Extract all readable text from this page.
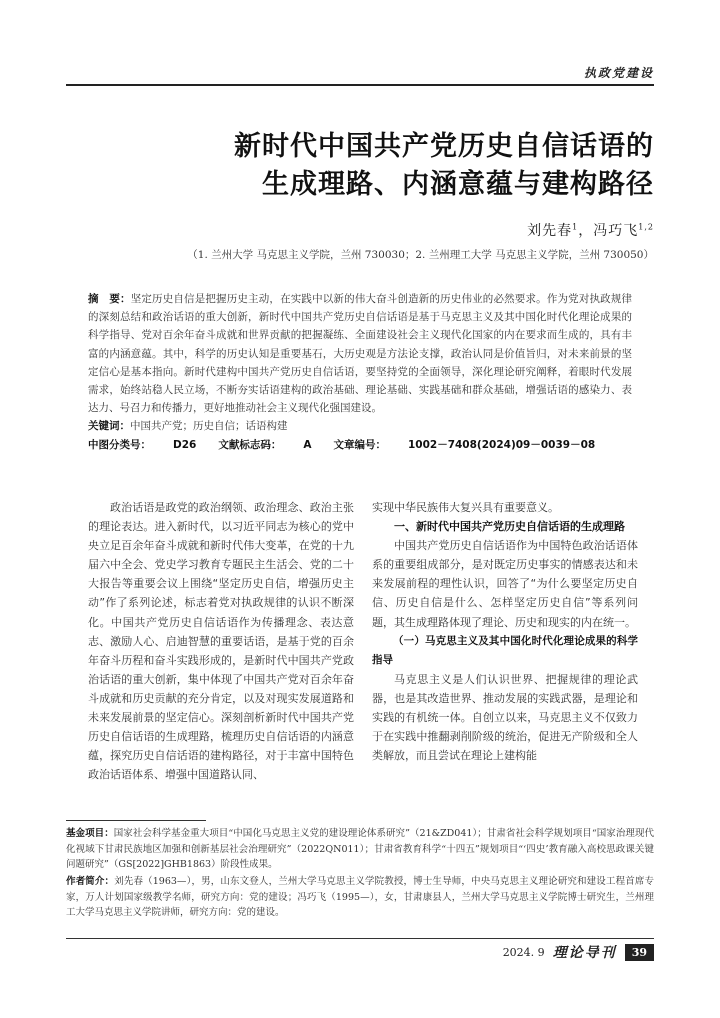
执政党建设
新时代中国共产党历史自信话语的
生成理路、内涵意蕴与建构路径
刘先春$^1$，冯巧飞$^{1,2}$
（1. 兰州大学 马克思主义学院，兰州 730030；2. 兰州理工大学 马克思主义学院，兰州 730050）
摘　要：坚定历史自信是把握历史主动，在实践中以新的伟大奋斗创造新的历史伟业的必然要求。作为党对执政规律的深刻总结和政治话语的重大创新，新时代中国共产党历史自信话语是基于马克思主义及其中国化时代化理论成果的科学指导、党对百余年奋斗成就和世界贡献的把握凝练、全面建设社会主义现代化国家的内在要求而生成的，具有丰富的内涵意蕴。其中，科学的历史认知是重要基石，大历史观是方法论支撑，政治认同是价值旨归，对未来前景的坚定信心是基本指向。新时代建构中国共产党历史自信话语，要坚持党的全面领导，深化理论研究阐释，着眼时代发展需求，始终站稳人民立场，不断夯实话语建构的政治基础、理论基础、实践基础和群众基础，增强话语的感染力、表达力、号召力和传播力，更好地推动社会主义现代化强国建设。
关键词：中国共产党；历史自信；话语构建
中图分类号： D26 文献标志码： A 文章编号： 1002－7408(2024)09－0039－08

政治话语是政党的政治纲领、政治理念、政治主张的理论表达。进入新时代，以习近平同志为核心的党中央立足百余年奋斗成就和新时代伟大变革，在党的十九届六中全会、党史学习教育专题民主生活会、党的二十大报告等重要会议上围绕“坚定历史自信，增强历史主动”作了系列论述，标志着党对执政规律的认识不断深化。中国共产党历史自信话语作为传播理念、表达意志、激励人心、启迪智慧的重要话语，是基于党的百余年奋斗历程和奋斗实践形成的，是新时代中国共产党政治话语的重大创新，集中体现了中国共产党对百余年奋斗成就和历史贡献的充分肯定，以及对现实发展道路和未来发展前景的坚定信心。深刻剖析新时代中国共产党历史自信话语的生成理路，梳理历史自信话语的内涵意蕴，探究历史自信话语的建构路径，对于丰富中国特色政治话语体系、增强中国道路认同、

实现中华民族伟大复兴具有重要意义。

一、新时代中国共产党历史自信话语的生成理路

中国共产党历史自信话语作为中国特色政治话语体系的重要组成部分，是对既定历史事实的情感表达和未来发展前程的理性认识，回答了“为什么要坚定历史自信、历史自信是什么、怎样坚定历史自信”等系列问题，其生成理路体现了理论、历史和现实的内在统一。

（一）马克思主义及其中国化时代化理论成果的科学指导

马克思主义是人们认识世界、把握规律的理论武器，也是其改造世界、推动发展的实践武器，是理论和实践的有机统一体。自创立以来，马克思主义不仅致力于在实践中推翻剥削阶级的统治，促进无产阶级和全人类解放，而且尝试在理论上建构能

基金项目：国家社会科学基金重大项目“中国化马克思主义党的建设理论体系研究”（21&ZD041）；甘肃省社会科学规划项目“国家治理现代化视域下甘肃民族地区加强和创新基层社会治理研究”（2022QN011）；甘肃省教育科学“十四五”规划项目“‘四史’教育融入高校思政课关键问题研究”（GS[2022]GHB1863）阶段性成果。
作者简介：刘先春（1963—），男，山东文登人，兰州大学马克思主义学院教授，博士生导师，中央马克思主义理论研究和建设工程首席专家，万人计划国家级教学名师，研究方向：党的建设；冯巧飞（1995—），女，甘肃康县人，兰州大学马克思主义学院博士研究生，兰州理工大学马克思主义学院讲师，研究方向：党的建设。
2024. 9 理论导刊	39
